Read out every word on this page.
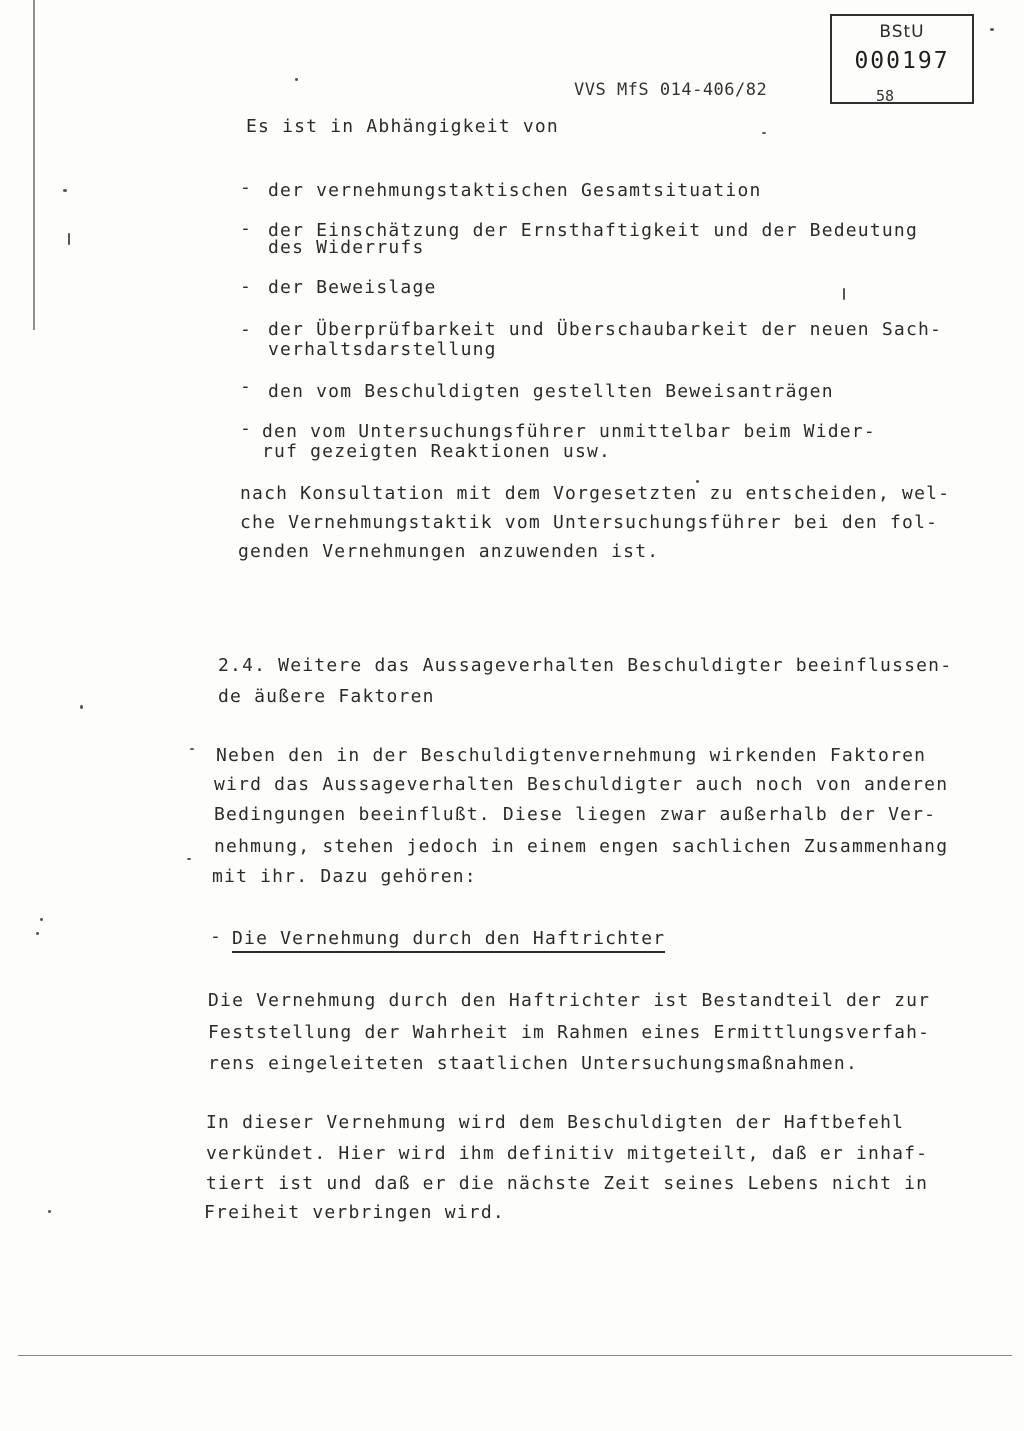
BStU
000197
58
VVS MfS 014-406/82
Es ist in Abhängigkeit von
- der vernehmungstaktischen Gesamtsituation
- der Einschätzung der Ernsthaftigkeit und der Bedeutung
des Widerrufs
- der Beweislage
- der Überprüfbarkeit und Überschaubarkeit der neuen Sach-
verhaltsdarstellung
- den vom Beschuldigten gestellten Beweisanträgen
- den vom Untersuchungsführer unmittelbar beim Wider-
ruf gezeigten Reaktionen usw.
nach Konsultation mit dem Vorgesetzten zu entscheiden, wel-
che Vernehmungstaktik vom Untersuchungsführer bei den fol-
genden Vernehmungen anzuwenden ist.
2.4. Weitere das Aussageverhalten Beschuldigter beeinflussen-
de äußere Faktoren
Neben den in der Beschuldigtenvernehmung wirkenden Faktoren
wird das Aussageverhalten Beschuldigter auch noch von anderen
Bedingungen beeinflußt. Diese liegen zwar außerhalb der Ver-
nehmung, stehen jedoch in einem engen sachlichen Zusammenhang
mit ihr. Dazu gehören:
- Die Vernehmung durch den Haftrichter
Die Vernehmung durch den Haftrichter ist Bestandteil der zur
Feststellung der Wahrheit im Rahmen eines Ermittlungsverfah-
rens eingeleiteten staatlichen Untersuchungsmaßnahmen.
In dieser Vernehmung wird dem Beschuldigten der Haftbefehl
verkündet. Hier wird ihm definitiv mitgeteilt, daß er inhaf-
tiert ist und daß er die nächste Zeit seines Lebens nicht in
Freiheit verbringen wird.
